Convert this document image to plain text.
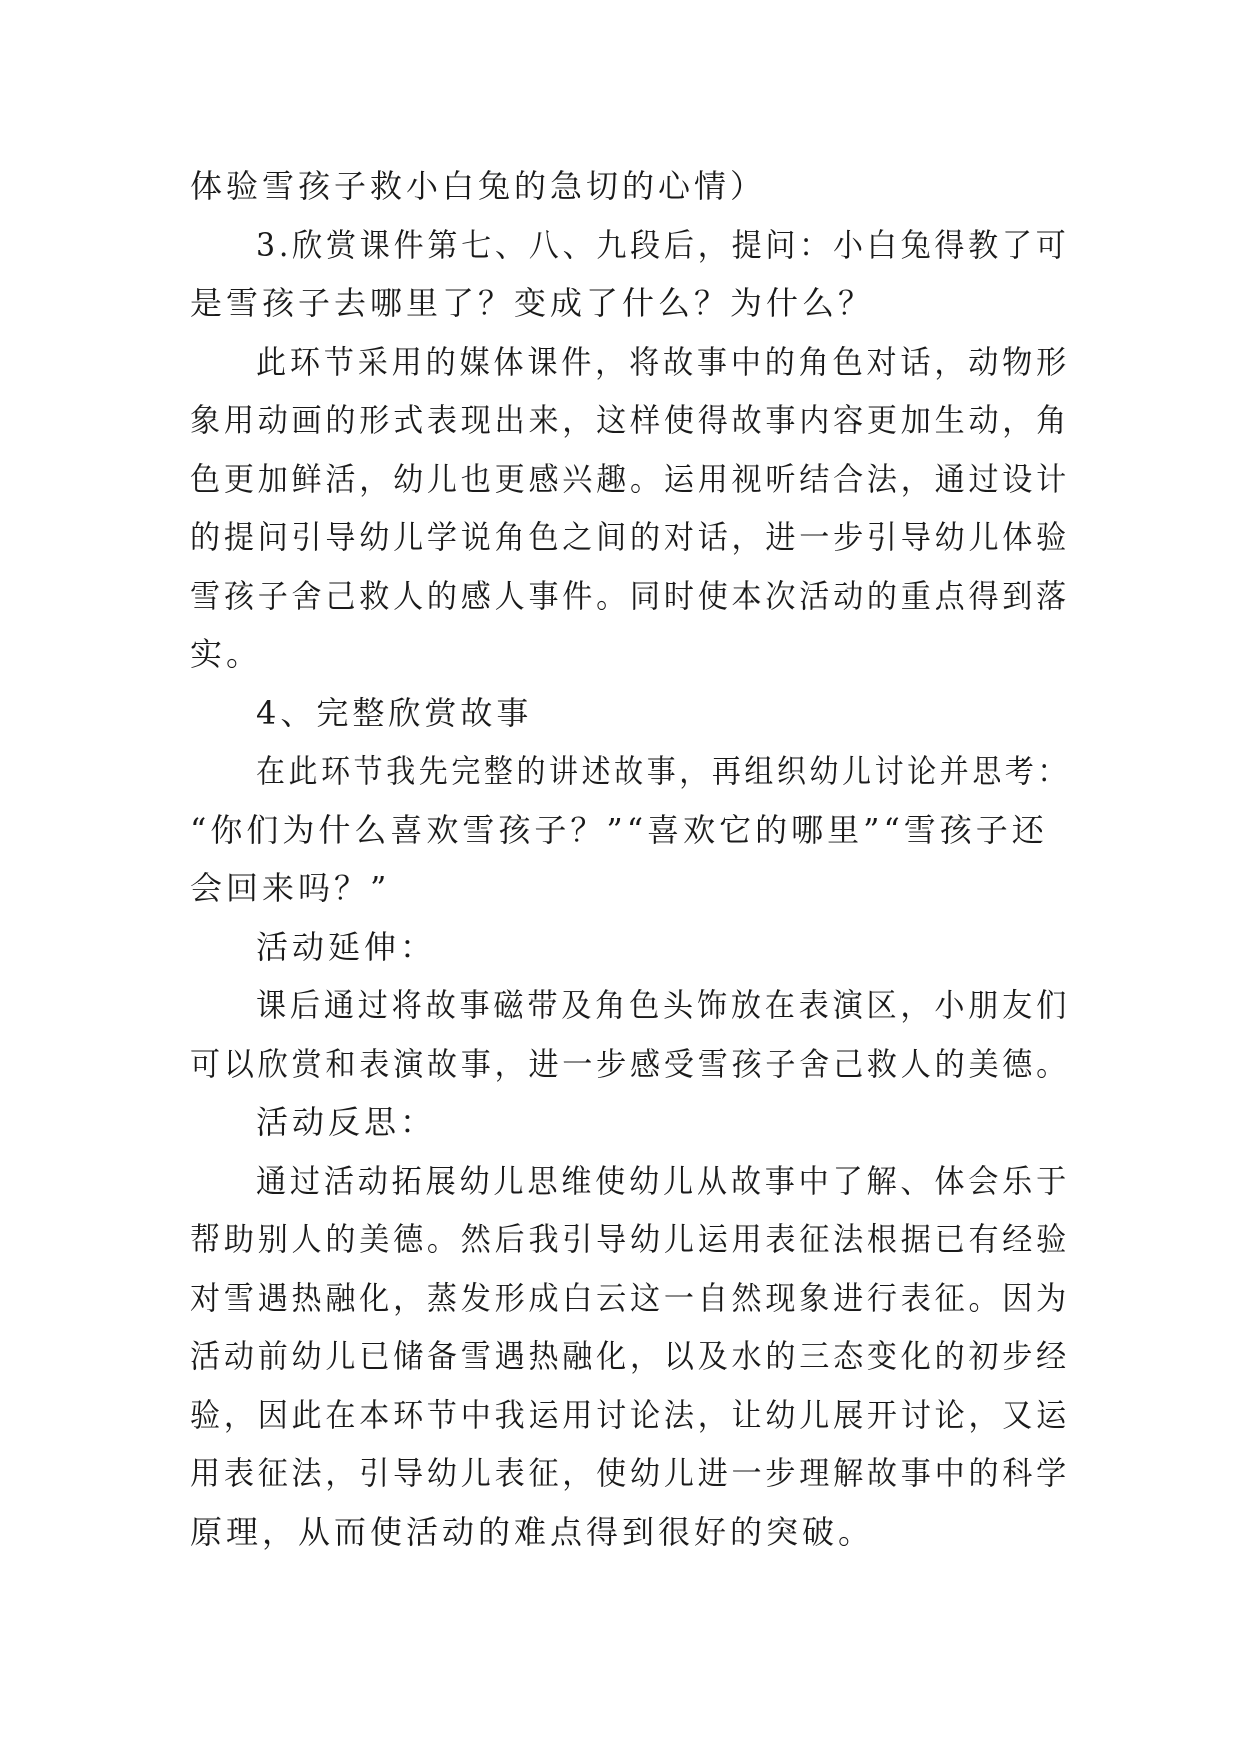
体验雪孩子救小白兔的急切的心情）
3.欣赏课件第七、八、九段后，提问：小白兔得教了可
是雪孩子去哪里了？变成了什么？为什么？
此环节采用的媒体课件，将故事中的角色对话，动物形
象用动画的形式表现出来，这样使得故事内容更加生动，角
色更加鲜活，幼儿也更感兴趣。运用视听结合法，通过设计
的提问引导幼儿学说角色之间的对话，进一步引导幼儿体验
雪孩子舍己救人的感人事件。同时使本次活动的重点得到落
实。
4、完整欣赏故事
在此环节我先完整的讲述故事，再组织幼儿讨论并思考：
“你们为什么喜欢雪孩子？”“喜欢它的哪里”“雪孩子还
会回来吗？”
活动延伸：
课后通过将故事磁带及角色头饰放在表演区，小朋友们
可以欣赏和表演故事，进一步感受雪孩子舍己救人的美德。
活动反思：
通过活动拓展幼儿思维使幼儿从故事中了解、体会乐于
帮助别人的美德。然后我引导幼儿运用表征法根据已有经验
对雪遇热融化，蒸发形成白云这一自然现象进行表征。因为
活动前幼儿已储备雪遇热融化，以及水的三态变化的初步经
验，因此在本环节中我运用讨论法，让幼儿展开讨论，又运
用表征法，引导幼儿表征，使幼儿进一步理解故事中的科学
原理，从而使活动的难点得到很好的突破。
